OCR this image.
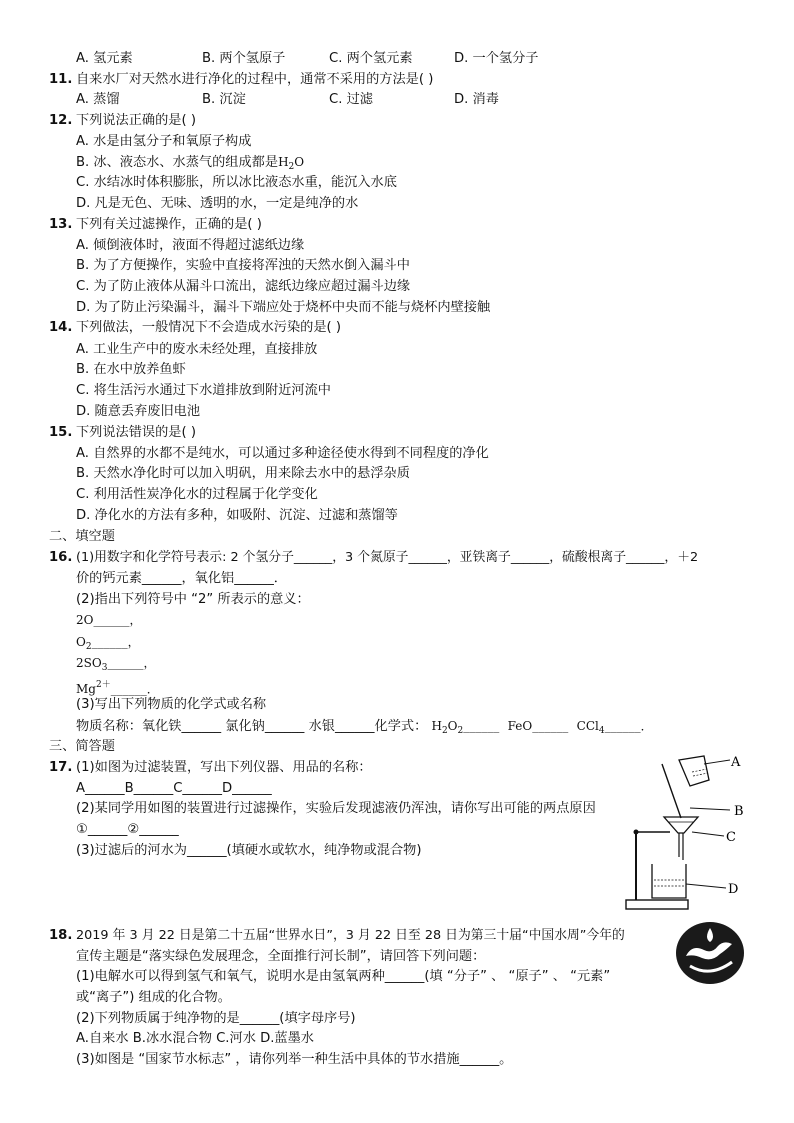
A. 氢元素	B. 两个氢原子	C. 两个氢元素	D. 一个氢分子
11. 自来水厂对天然水进行净化的过程中，通常不采用的方法是( )
A. 蒸馏	B. 沉淀	C. 过滤	D. 消毒
12. 下列说法正确的是( )
A. 水是由氢分子和氧原子构成
B. 冰、液态水、水蒸气的组成都是$H_2O$
C. 水结冰时体积膨胀，所以冰比液态水重，能沉入水底
D. 凡是无色、无味、透明的水，一定是纯净的水
13. 下列有关过滤操作，正确的是( )
A. 倾倒液体时，液面不得超过滤纸边缘
B. 为了方便操作，实验中直接将浑浊的天然水倒入漏斗中
C. 为了防止液体从漏斗口流出，滤纸边缘应超过漏斗边缘
D. 为了防止污染漏斗，漏斗下端应处于烧杯中央而不能与烧杯内壁接触
14. 下列做法，一般情况下不会造成水污染的是( )
A. 工业生产中的废水未经处理，直接排放
B. 在水中放养鱼虾
C. 将生活污水通过下水道排放到附近河流中
D. 随意丢弃废旧电池
15. 下列说法错误的是( )
A. 自然界的水都不是纯水，可以通过多种途径使水得到不同程度的净化
B. 天然水净化时可以加入明矾，用来除去水中的悬浮杂质
C. 利用活性炭净化水的过程属于化学变化
D. 净化水的方法有多种，如吸附、沉淀、过滤和蒸馏等
二、填空题
16. (1)用数字和化学符号表示: 2 个氢分子______，3 个氮原子______，亚铁离子______，硫酸根离子______，＋2
价的钙元素______，氧化铝______．
(2)指出下列符号中 “2” 所表示的意义：
2O______，
$O_2\_\_\_\_\_\_$，
$2SO_3\_\_\_\_\_\_$，
$Mg^{2+}\_\_\_\_\_\_$．
(3)写出下列物质的化学式或名称
物质名称：氧化铁______ 氯化钠______ 水银______化学式： $H_2O_2\_\_\_\_\_\_$ FeO______ CCl$_4$______．
三、简答题
17. (1)如图为过滤装置，写出下列仪器、用品的名称：
A______B______C______D______
(2)某同学用如图的装置进行过滤操作，实验后发现滤液仍浑浊，请你写出可能的两点原因
①______②______
(3)过滤后的河水为______(填硬水或软水，纯净物或混合物)
A
B
C
D
18. 2019 年 3 月 22 日是第二十五届“世界水日”，3 月 22 日至 28 日为第三十届“中国水周”今年的
宣传主题是“落实绿色发展理念，全面推行河长制”，请回答下列问题：
(1)电解水可以得到氢气和氧气，说明水是由氢氧两种______(填 “分子” 、 “原子” 、 “元素”
或“离子”) 组成的化合物。
(2)下列物质属于纯净物的是______(填字母序号)
A.自来水 B.冰水混合物 C.河水 D.蓝墨水
(3)如图是 “国家节水标志” ，请你列举一种生活中具体的节水措施______。
